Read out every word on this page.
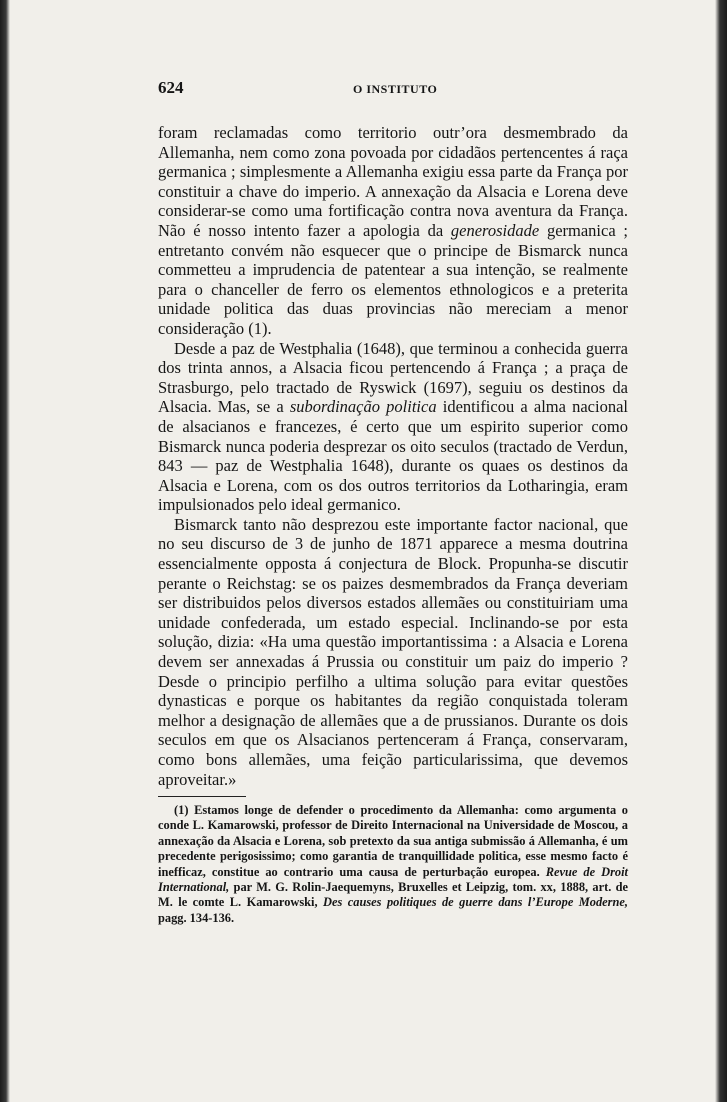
624	O INSTITUTO

foram reclamadas como territorio outr’ora desmembrado da Allemanha, nem como zona povoada por cidadãos pertencentes á raça germanica ; simplesmente a Allemanha exigiu essa parte da França por constituir a chave do imperio. A annexação da Alsacia e Lorena deve considerar-se como uma fortificação contra nova aventura da França. Não é nosso intento fazer a apologia da generosidade germanica ; entretanto convém não esquecer que o principe de Bismarck nunca commetteu a imprudencia de patentear a sua intenção, se realmente para o chanceller de ferro os elementos ethnologicos e a preterita unidade politica das duas provincias não mereciam a menor consideração (1).

Desde a paz de Westphalia (1648), que terminou a conhecida guerra dos trinta annos, a Alsacia ficou pertencendo á França ; a praça de Strasburgo, pelo tractado de Ryswick (1697), seguiu os destinos da Alsacia. Mas, se a subordinação politica identificou a alma nacional de alsacianos e francezes, é certo que um espirito superior como Bismarck nunca poderia desprezar os oito seculos (tractado de Verdun, 843 — paz de Westphalia 1648), durante os quaes os destinos da Alsacia e Lorena, com os dos outros territorios da Lotharingia, eram impulsionados pelo ideal germanico.

Bismarck tanto não desprezou este importante factor nacional, que no seu discurso de 3 de junho de 1871 apparece a mesma doutrina essencialmente opposta á conjectura de Block. Propunha-se discutir perante o Reichstag: se os paizes desmembrados da França deveriam ser distribuidos pelos diversos estados allemães ou constituiriam uma unidade confederada, um estado especial. Inclinando-se por esta solução, dizia: «Ha uma questão importantissima : a Alsacia e Lorena devem ser annexadas á Prussia ou constituir um paiz do imperio ? Desde o principio perfilho a ultima solução para evitar questões dynasticas e porque os habitantes da região conquistada toleram melhor a designação de allemães que a de prussianos. Durante os dois seculos em que os Alsacianos pertenceram á França, conservaram, como bons allemães, uma feição particularissima, que devemos aproveitar.»

(1) Estamos longe de defender o procedimento da Allemanha: como argumenta o conde L. Kamarowski, professor de Direito Internacional na Universidade de Moscou, a annexação da Alsacia e Lorena, sob pretexto da sua antiga submissão á Allemanha, é um precedente perigosissimo; como garantia de tranquillidade politica, esse mesmo facto é inefficaz, constitue ao contrario uma causa de perturbação europea. Revue de Droit International, par M. G. Rolin-Jaequemyns, Bruxelles et Leipzig, tom. xx, 1888, art. de M. le comte L. Kamarowski, Des causes politiques de guerre dans l’Europe Moderne, pagg. 134-136.
